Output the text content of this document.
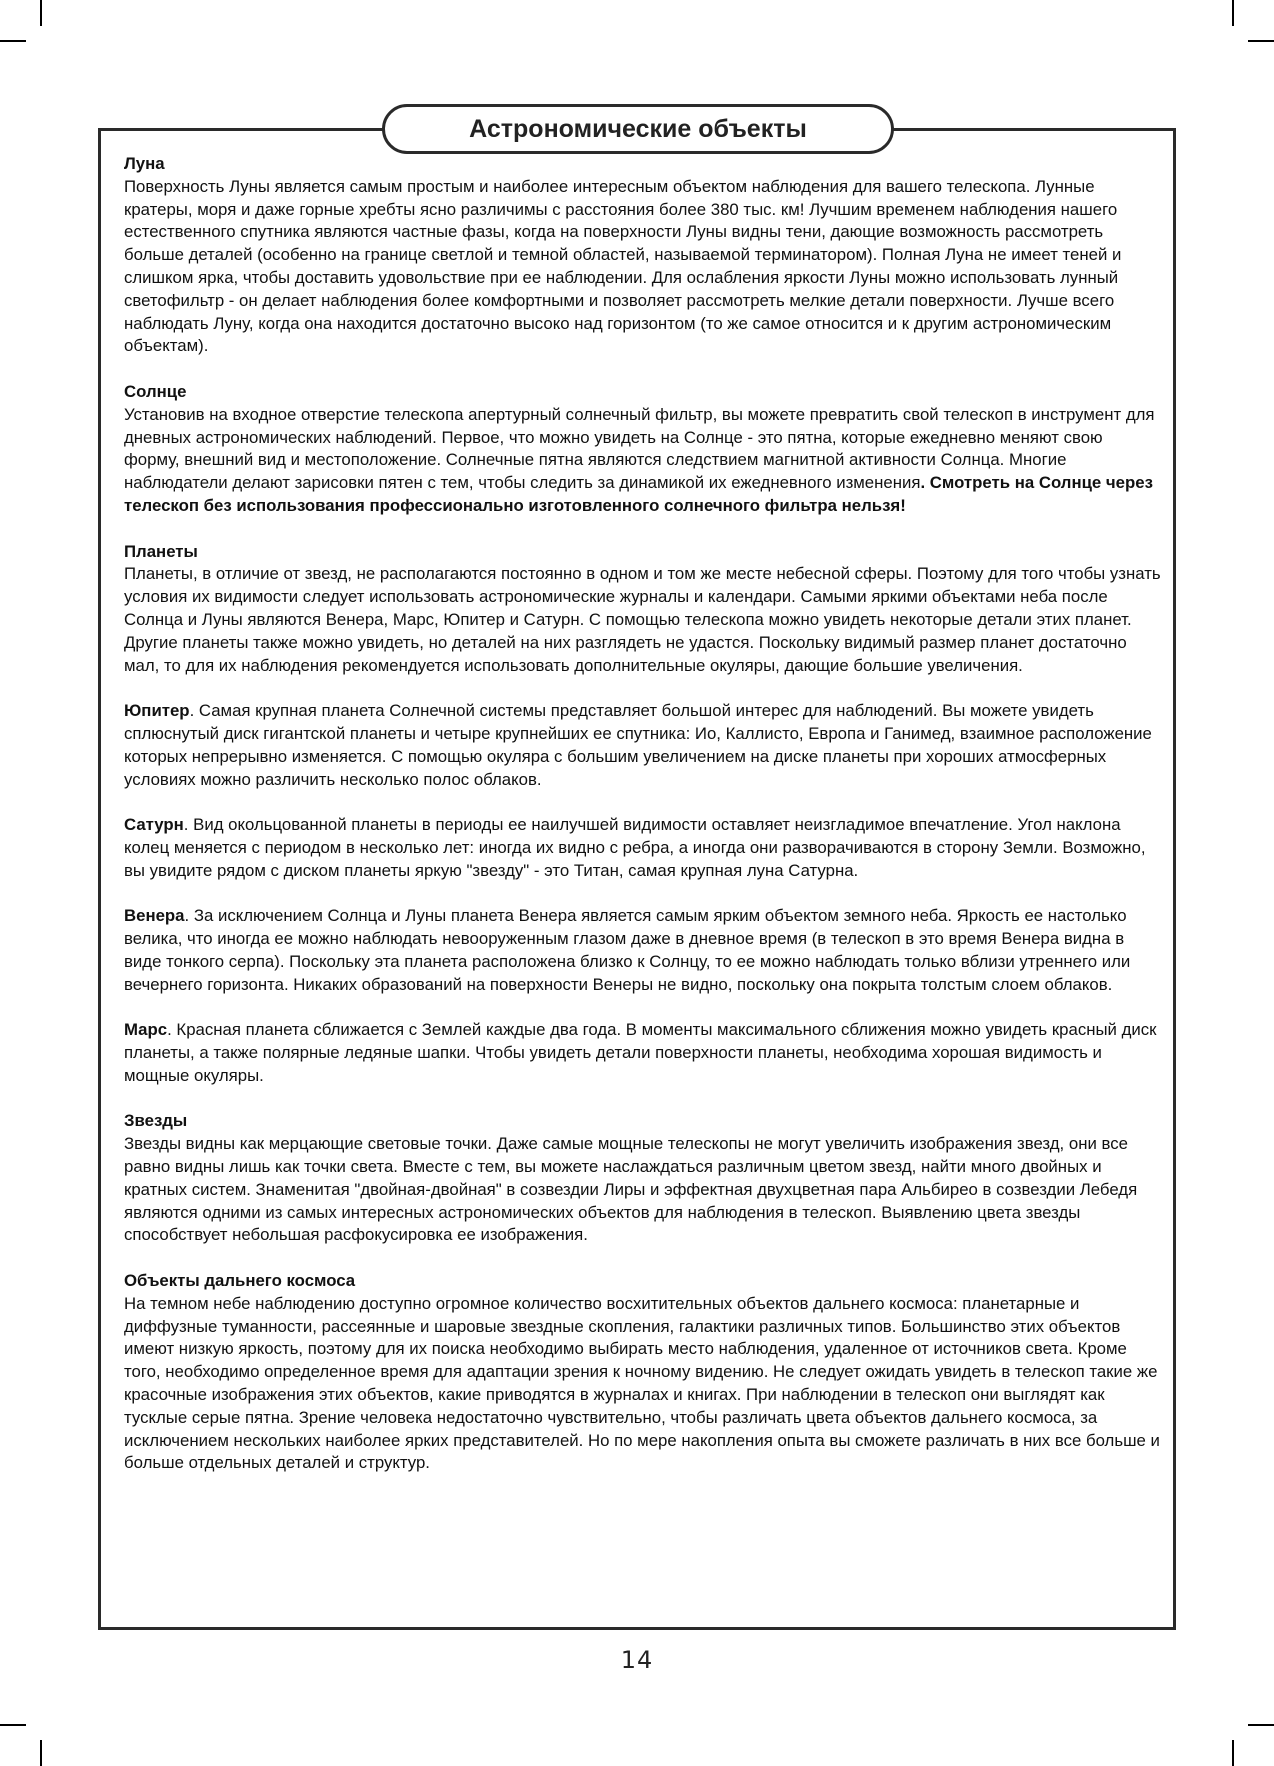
Астрономические объекты
Луна

Поверхность Луны является самым простым и наиболее интересным объектом наблюдения для вашего телескопа. Лунные кратеры, моря и даже горные хребты ясно различимы с расстояния более 380 тыс. км! Лучшим временем наблюдения нашего естественного спутника являются частные фазы, когда на поверхности Луны видны тени, дающие возможность рассмотреть больше деталей (особенно на границе светлой и темной областей, называемой терминатором). Полная Луна не имеет теней и слишком ярка, чтобы доставить удовольствие при ее наблюдении. Для ослабления яркости Луны можно использовать лунный светофильтр - он делает наблюдения более комфортными и позволяет рассмотреть мелкие детали поверхности. Лучше всего наблюдать Луну, когда она находится достаточно высоко над горизонтом (то же самое относится и к другим астрономическим объектам).

Солнце

Установив на входное отверстие телескопа апертурный солнечный фильтр, вы можете превратить свой телескоп в инструмент для дневных астрономических наблюдений. Первое, что можно увидеть на Солнце - это пятна, которые ежедневно меняют свою форму, внешний вид и местоположение. Солнечные пятна являются следствием магнитной активности Солнца. Многие наблюдатели делают зарисовки пятен с тем, чтобы следить за динамикой их ежедневного изменения. Смотреть на Солнце через телескоп без использования профессионально изготовленного солнечного фильтра нельзя!

Планеты

Планеты, в отличие от звезд, не располагаются постоянно в одном и том же месте небесной сферы. Поэтому для того чтобы узнать условия их видимости следует использовать астрономические журналы и календари. Самыми яркими объектами неба после Солнца и Луны являются Венера, Марс, Юпитер и Сатурн. С помощью телескопа можно увидеть некоторые детали этих планет. Другие планеты также можно увидеть, но деталей на них разглядеть не удастся. Поскольку видимый размер планет достаточно мал, то для их наблюдения рекомендуется использовать дополнительные окуляры, дающие большие увеличения.

Юпитер. Самая крупная планета Солнечной системы представляет большой интерес для наблюдений. Вы можете увидеть сплюснутый диск гигантской планеты и четыре крупнейших ее спутника: Ио, Каллисто, Европа и Ганимед, взаимное расположение которых непрерывно изменяется. С помощью окуляра с большим увеличением на диске планеты при хороших атмосферных условиях можно различить несколько полос облаков.

Сатурн. Вид окольцованной планеты в периоды ее наилучшей видимости оставляет неизгладимое впечатление. Угол наклона колец меняется с периодом в несколько лет: иногда их видно с ребра, а иногда они разворачиваются в сторону Земли. Возможно, вы увидите рядом с диском планеты яркую "звезду" - это Титан, самая крупная луна Сатурна.

Венера. За исключением Солнца и Луны планета Венера является самым ярким объектом земного неба. Яркость ее настолько велика, что иногда ее можно наблюдать невооруженным глазом даже в дневное время (в телескоп в это время Венера видна в виде тонкого серпа). Поскольку эта планета расположена близко к Солнцу, то ее можно наблюдать только вблизи утреннего или вечернего горизонта. Никаких образований на поверхности Венеры не видно, поскольку она покрыта толстым слоем облаков.

Марс. Красная планета сближается с Землей каждые два года. В моменты максимального сближения можно увидеть красный диск планеты, а также полярные ледяные шапки. Чтобы увидеть детали поверхности планеты, необходима хорошая видимость и мощные окуляры.

Звезды

Звезды видны как мерцающие световые точки. Даже самые мощные телескопы не могут увеличить изображения звезд, они все равно видны лишь как точки света. Вместе с тем, вы можете наслаждаться различным цветом звезд, найти много двойных и кратных систем. Знаменитая "двойная-двойная" в созвездии Лиры и эффектная двухцветная пара Альбирео в созвездии Лебедя являются одними из самых интересных астрономических объектов для наблюдения в телескоп. Выявлению цвета звезды способствует небольшая расфокусировка ее изображения.

Объекты дальнего космоса

На темном небе наблюдению доступно огромное количество восхитительных объектов дальнего космоса: планетарные и диффузные туманности, рассеянные и шаровые звездные скопления, галактики различных типов. Большинство этих объектов имеют низкую яркость, поэтому для их поиска необходимо выбирать место наблюдения, удаленное от источников света. Кроме того, необходимо определенное время для адаптации зрения к ночному видению. Не следует ожидать увидеть в телескоп такие же красочные изображения этих объектов, какие приводятся в журналах и книгах. При наблюдении в телескоп они выглядят как тусклые серые пятна. Зрение человека недостаточно чувствительно, чтобы различать цвета объектов дальнего космоса, за исключением нескольких наиболее ярких представителей. Но по мере накопления опыта вы сможете различать в них все больше и больше отдельных деталей и структур.

14
